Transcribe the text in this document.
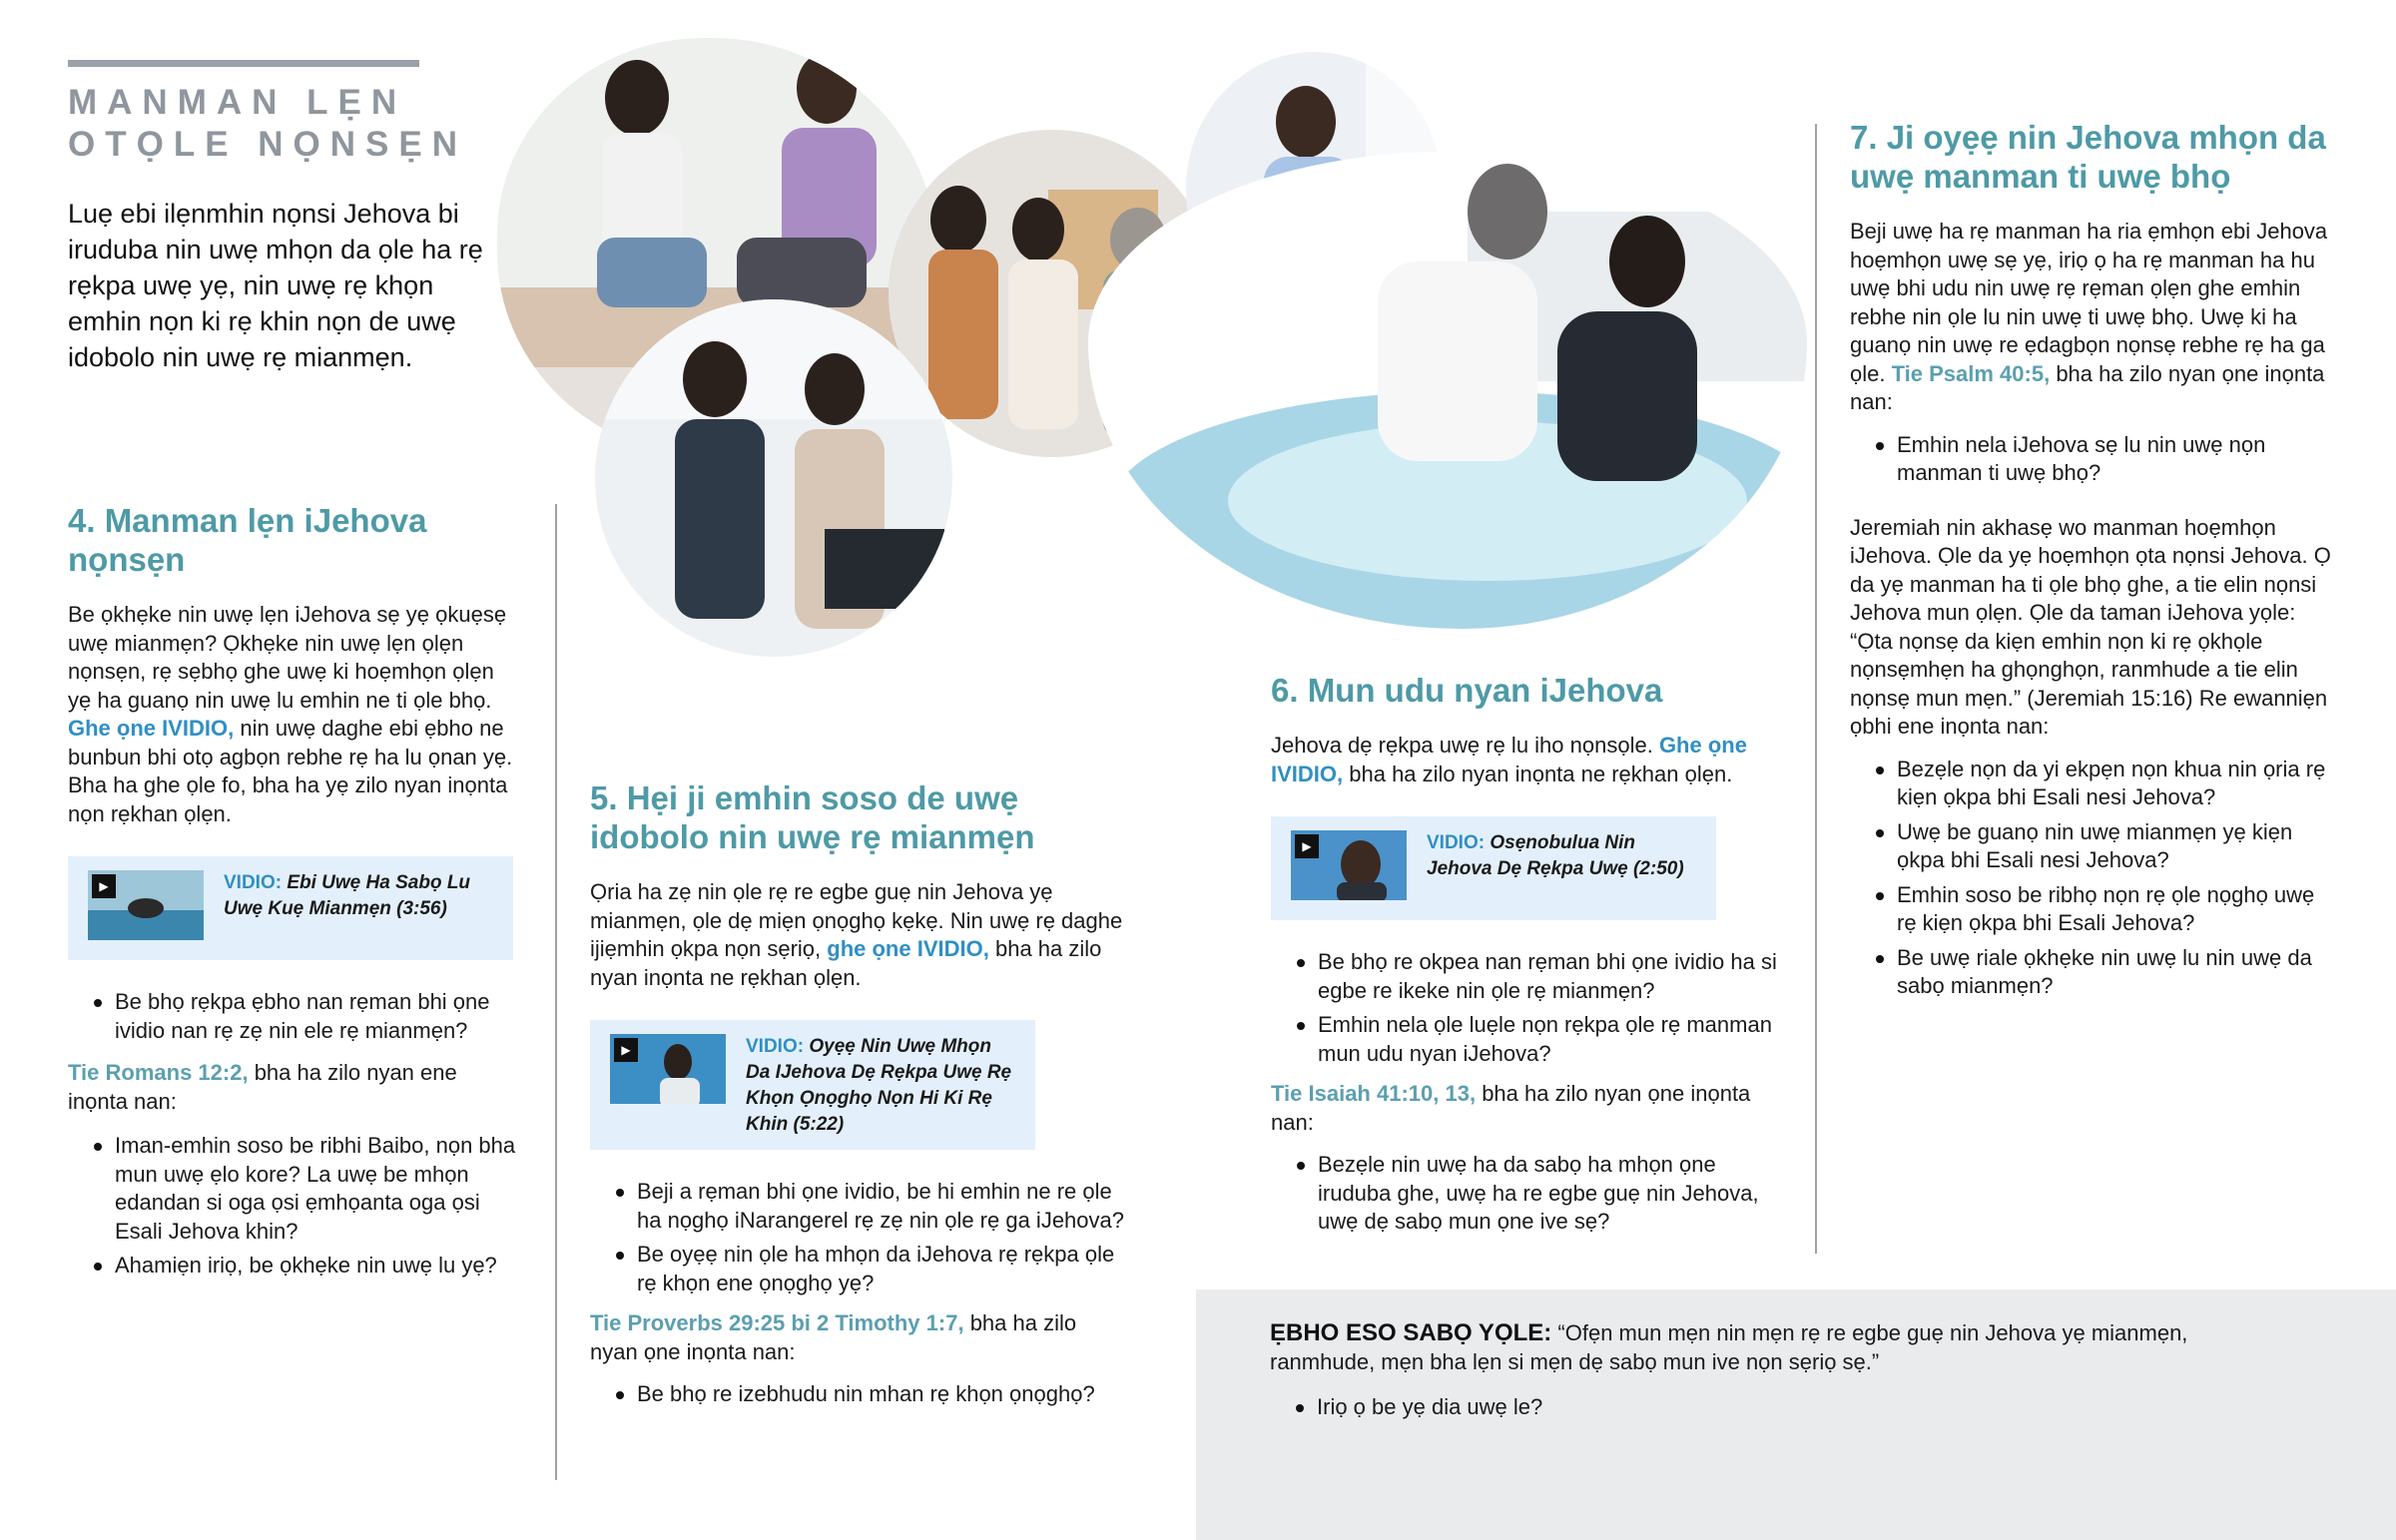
MANMAN LẸN
OTỌLE NỌNSẸN

Luẹ ebi ilẹnmhin nọnsi Jehova bi iruduba nin uwẹ mhọn da ọle ha rẹ rẹkpa uwẹ yẹ, nin uwẹ rẹ khọn emhin nọn ki rẹ khin nọn de uwẹ idobolo nin uwẹ rẹ mianmẹn.

4. Manman lẹn iJehova nọnsẹn

Be ọkhẹke nin uwẹ lẹn iJehova sẹ yẹ ọkuẹsẹ uwẹ mianmẹn? Ọkhẹke nin uwẹ lẹn ọlẹn nọnsẹn, rẹ sẹbhọ ghe uwẹ ki hoẹmhọn ọlẹn yẹ ha guanọ nin uwẹ lu emhin ne ti ọle bhọ. Ghe ọne IVIDIO, nin uwẹ daghe ebi ẹbho ne bunbun bhi otọ agbọn rebhe rẹ ha lu ọnan yẹ. Bha ha ghe ọle fo, bha ha yẹ zilo nyan inọnta nọn rẹkhan ọlẹn.

▶	VIDIO: Ebi Uwẹ Ha Sabọ Lu Uwẹ Kuẹ Mianmẹn (3:56)
Be bhọ rẹkpa ẹbho nan rẹman bhi ọne ividio nan rẹ zẹ nin ele rẹ mianmẹn?

Tie Romans 12:2, bha ha zilo nyan ene inọnta nan:

Iman-emhin soso be ribhi Baibo, nọn bha mun uwẹ ẹlo kore? La uwẹ be mhọn edandan si oga ọsi ẹmhọanta oga ọsi Esali Jehova khin?
Ahamiẹn iriọ, be ọkhẹke nin uwẹ lu yẹ?
5. Hẹi ji emhin soso de uwẹ idobolo nin uwẹ rẹ mianmẹn

Ọria ha zẹ nin ọle rẹ re egbe guẹ nin Jehova yẹ mianmẹn, ọle dẹ miẹn ọnọghọ kẹkẹ. Nin uwẹ rẹ daghe ijiẹmhin ọkpa nọn sẹriọ, ghe ọne IVIDIO, bha ha zilo nyan inọnta ne rẹkhan ọlẹn.

▶	VIDIO: Oyẹẹ Nin Uwẹ Mhọn Da IJehova Dẹ Rẹkpa Uwẹ Rẹ Khọn Ọnọghọ Nọn Hi Ki Rẹ Khin (5:22)
Beji a rẹman bhi ọne ividio, be hi emhin ne re ọle ha nọghọ iNarangerel rẹ zẹ nin ọle rẹ ga iJehova?
Be oyẹẹ nin ọle ha mhọn da iJehova rẹ rẹkpa ọle rẹ khọn ene ọnọghọ yẹ?

Tie Proverbs 29:25 bi 2 Timothy 1:7, bha ha zilo nyan ọne inọnta nan:

Be bhọ re izebhudu nin mhan rẹ khọn ọnọghọ?
6. Mun udu nyan iJehova

Jehova dẹ rẹkpa uwẹ rẹ lu iho nọnsọle. Ghe ọne IVIDIO, bha ha zilo nyan inọnta ne rẹkhan ọlẹn.

▶	VIDIO: Osẹnobulua Nin Jehova Dẹ Rẹkpa Uwẹ (2:50)
Be bhọ re okpea nan rẹman bhi ọne ividio ha si egbe re ikeke nin ọle rẹ mianmẹn?
Emhin nela ọle luẹle nọn rẹkpa ọle rẹ manman mun udu nyan iJehova?

Tie Isaiah 41:10, 13, bha ha zilo nyan ọne inọnta nan:

Bezẹle nin uwẹ ha da sabọ ha mhọn ọne iruduba ghe, uwẹ ha re egbe guẹ nin Jehova, uwẹ dẹ sabọ mun ọne ive sẹ?
7. Ji oyẹẹ nin Jehova mhọn da uwẹ manman ti uwẹ bhọ

Beji uwẹ ha rẹ manman ha ria ẹmhọn ebi Jehova hoẹmhọn uwẹ sẹ yẹ, iriọ ọ ha rẹ manman ha hu uwẹ bhi udu nin uwẹ rẹ rẹman ọlẹn ghe emhin rebhe nin ọle lu nin uwẹ ti uwẹ bhọ. Uwẹ ki ha guanọ nin uwẹ re ẹdagbọn nọnsẹ rebhe rẹ ha ga ọle. Tie Psalm 40:5, bha ha zilo nyan ọne inọnta nan:

Emhin nela iJehova sẹ lu nin uwẹ nọn manman ti uwẹ bhọ?

Jeremiah nin akhasẹ wo manman hoẹmhọn iJehova. Ọle da yẹ hoẹmhọn ọta nọnsi Jehova. Ọ da yẹ manman ha ti ọle bhọ ghe, a tie elin nọnsi Jehova mun ọlẹn. Ọle da taman iJehova yọle: “Ọta nọnsẹ da kiẹn emhin nọn ki rẹ ọkhọle nọnsẹmhẹn ha ghọnghọn, ranmhude a tie elin nọnsẹ mun mẹn.” (Jeremiah 15:16) Re ewanniẹn ọbhi ene inọnta nan:

Bezẹle nọn da yi ekpẹn nọn khua nin ọria rẹ kiẹn ọkpa bhi Esali nesi Jehova?
Uwẹ be guanọ nin uwẹ mianmẹn yẹ kiẹn ọkpa bhi Esali nesi Jehova?
Emhin soso be ribhọ nọn rẹ ọle nọghọ uwẹ rẹ kiẹn ọkpa bhi Esali Jehova?
Be uwẹ riale ọkhẹke nin uwẹ lu nin uwẹ da sabọ mianmẹn?

ẸBHO ESO SABỌ YỌLE: “Ofẹn mun mẹn nin mẹn rẹ re egbe guẹ nin Jehova yẹ mianmẹn, ranmhude, mẹn bha lẹn si mẹn dẹ sabọ mun ive nọn sẹriọ sẹ.”

Iriọ ọ be yẹ dia uwẹ le?
